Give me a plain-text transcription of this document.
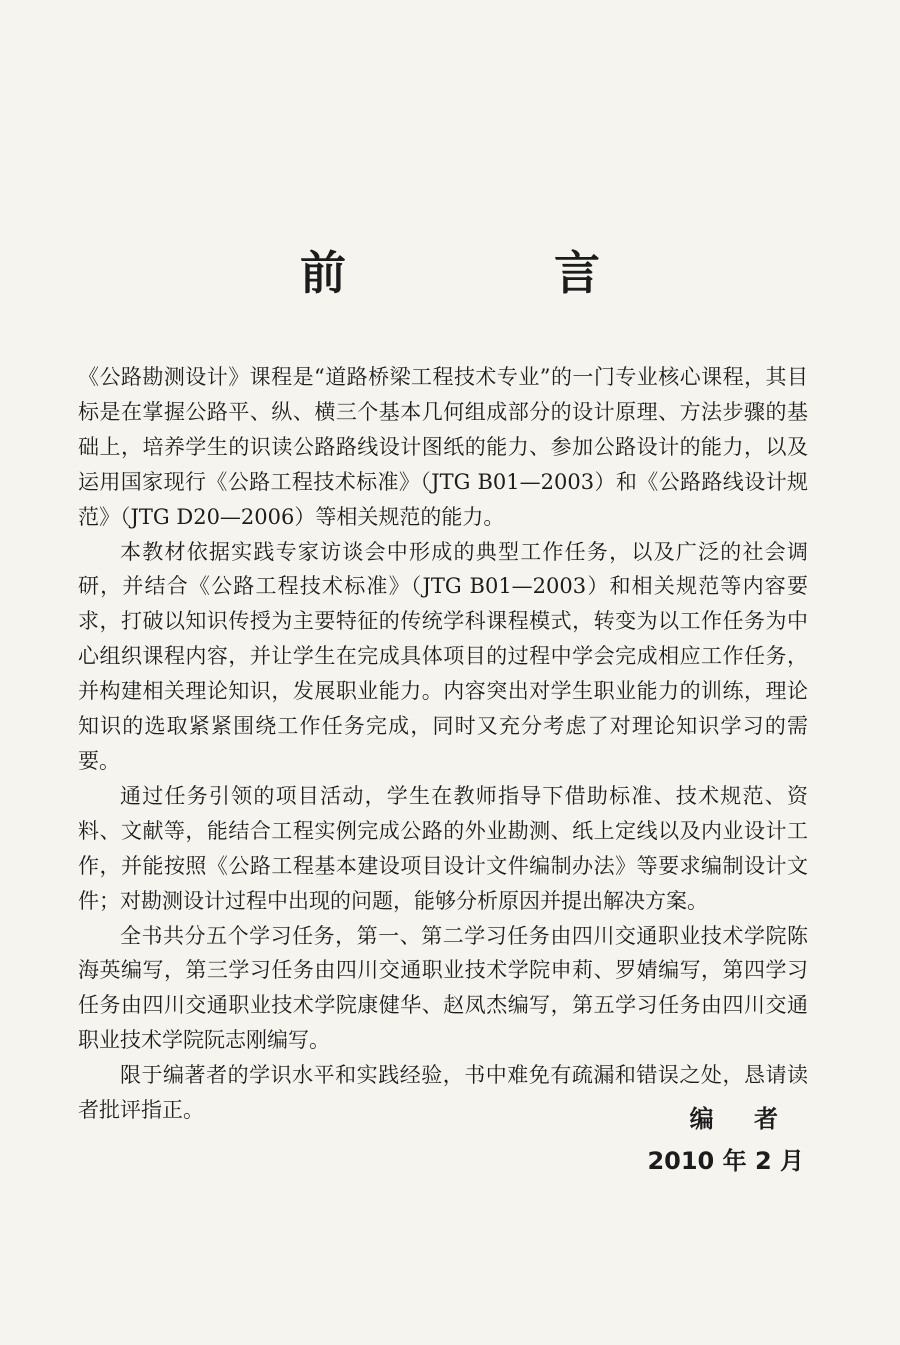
前 言

《公路勘测设计》课程是“道路桥梁工程技术专业”的一门专业核心课程，其目标是在掌握公路平、纵、横三个基本几何组成部分的设计原理、方法步骤的基础上，培养学生的识读公路路线设计图纸的能力、参加公路设计的能力，以及运用国家现行《公路工程技术标准》（JTG B01—2003）和《公路路线设计规范》（JTG D20—2006）等相关规范的能力。

本教材依据实践专家访谈会中形成的典型工作任务，以及广泛的社会调研，并结合《公路工程技术标准》（JTG B01—2003）和相关规范等内容要求，打破以知识传授为主要特征的传统学科课程模式，转变为以工作任务为中心组织课程内容，并让学生在完成具体项目的过程中学会完成相应工作任务，并构建相关理论知识，发展职业能力。内容突出对学生职业能力的训练，理论知识的选取紧紧围绕工作任务完成，同时又充分考虑了对理论知识学习的需要。

通过任务引领的项目活动，学生在教师指导下借助标准、技术规范、资料、文献等，能结合工程实例完成公路的外业勘测、纸上定线以及内业设计工作，并能按照《公路工程基本建设项目设计文件编制办法》等要求编制设计文件；对勘测设计过程中出现的问题，能够分析原因并提出解决方案。

全书共分五个学习任务，第一、第二学习任务由四川交通职业技术学院陈海英编写，第三学习任务由四川交通职业技术学院申莉、罗婧编写，第四学习任务由四川交通职业技术学院康健华、赵凤杰编写，第五学习任务由四川交通职业技术学院阮志刚编写。

限于编著者的学识水平和实践经验，书中难免有疏漏和错误之处，恳请读者批评指正。	编 者
2010 年 2 月
